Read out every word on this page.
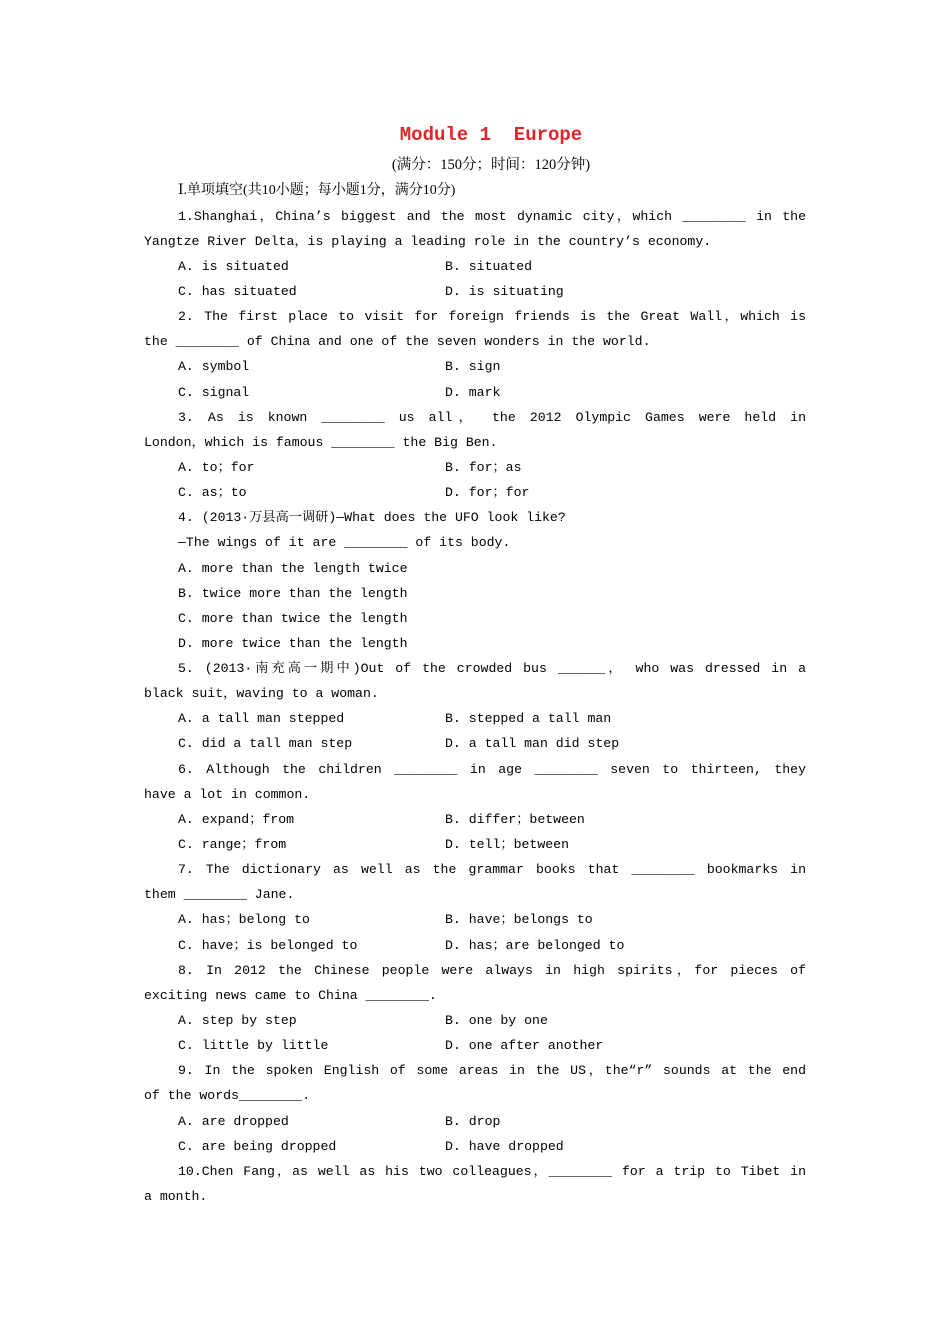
Module 1  Europe
(满分：150分；时间：120分钟)
Ⅰ.单项填空(共10小题；每小题1分，满分10分)
1.Shanghai，China’s biggest and the most dynamic city，which ________ in the
Yangtze River Delta，is playing a leading role in the country’s economy.
A. is situated	B. situated
C. has situated	D. is situating
2. The first place to visit for foreign friends is the Great Wall，which is
the ________ of China and one of the seven wonders in the world.
A. symbol	B. sign
C. signal	D. mark
3. As is known ________ us all， the 2012 Olympic Games were held in
London，which is famous ________ the Big Ben.
A. to；for	B. for；as
C. as；to	D. for；for
4. (2013·万县高一调研)—What does the UFO look like?
—The wings of it are ________ of its body.
A. more than the length twice
B. twice more than the length
C. more than twice the length
D. more twice than the length
5. (2013·南充高一期中)Out of the crowded bus ______， who was dressed in a
black suit，waving to a woman.
A. a tall man stepped	B. stepped a tall man
C. did a tall man step	D. a tall man did step
6. Although the children ________ in age ________ seven to thirteen, they
have a lot in common.
A. expand；from	B. differ；between
C. range；from	D. tell；between
7. The dictionary as well as the grammar books that ________ bookmarks in
them ________ Jane.
A. has；belong to	B. have；belongs to
C. have；is belonged to	D. has；are belonged to
8. In 2012 the Chinese people were always in high spirits，for pieces of
exciting news came to China ________.
A. step by step	B. one by one
C. little by little	D. one after another
9. In the spoken English of some areas in the US，the“r” sounds at the end
of the words________.
A. are dropped	B. drop
C. are being dropped	D. have dropped
10.Chen Fang，as well as his two colleagues，________ for a trip to Tibet in
a month.
